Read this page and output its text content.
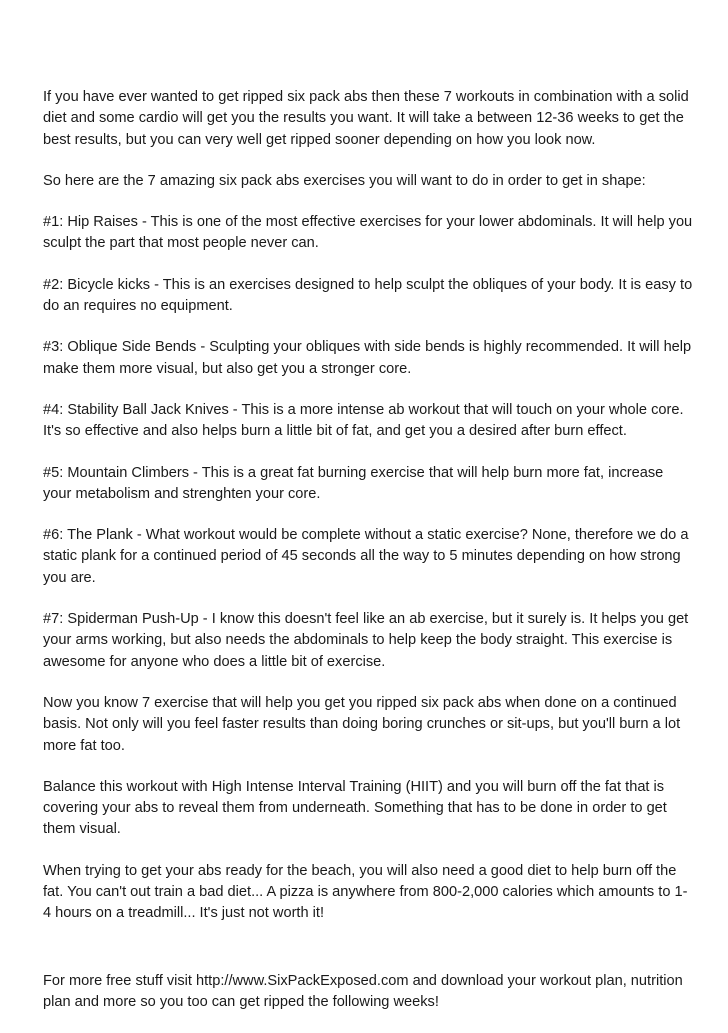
If you have ever wanted to get ripped six pack abs then these 7 workouts in combination with a solid diet and some cardio will get you the results you want. It will take a between 12-36 weeks to get the best results, but you can very well get ripped sooner depending on how you look now.

So here are the 7 amazing six pack abs exercises you will want to do in order to get in shape:

#1: Hip Raises - This is one of the most effective exercises for your lower abdominals. It will help you sculpt the part that most people never can.

#2: Bicycle kicks - This is an exercises designed to help sculpt the obliques of your body. It is easy to do an requires no equipment.

#3: Oblique Side Bends - Sculpting your obliques with side bends is highly recommended. It will help make them more visual, but also get you a stronger core.

#4: Stability Ball Jack Knives - This is a more intense ab workout that will touch on your whole core. It's so effective and also helps burn a little bit of fat, and get you a desired after burn effect.

#5: Mountain Climbers - This is a great fat burning exercise that will help burn more fat, increase your metabolism and strenghten your core.

#6: The Plank - What workout would be complete without a static exercise? None, therefore we do a static plank for a continued period of 45 seconds all the way to 5 minutes depending on how strong you are.

#7: Spiderman Push-Up - I know this doesn't feel like an ab exercise, but it surely is. It helps you get your arms working, but also needs the abdominals to help keep the body straight. This exercise is awesome for anyone who does a little bit of exercise.

Now you know 7 exercise that will help you get you ripped six pack abs when done on a continued basis. Not only will you feel faster results than doing boring crunches or sit-ups, but you'll burn a lot more fat too.

Balance this workout with High Intense Interval Training (HIIT) and you will burn off the fat that is covering your abs to reveal them from underneath. Something that has to be done in order to get them visual.

When trying to get your abs ready for the beach, you will also need a good diet to help burn off the fat. You can't out train a bad diet... A pizza is anywhere from 800-2,000 calories which amounts to 1-4 hours on a treadmill... It's just not worth it!

For more free stuff visit http://www.SixPackExposed.com and download your workout plan, nutrition plan and more so you too can get ripped the following weeks!
